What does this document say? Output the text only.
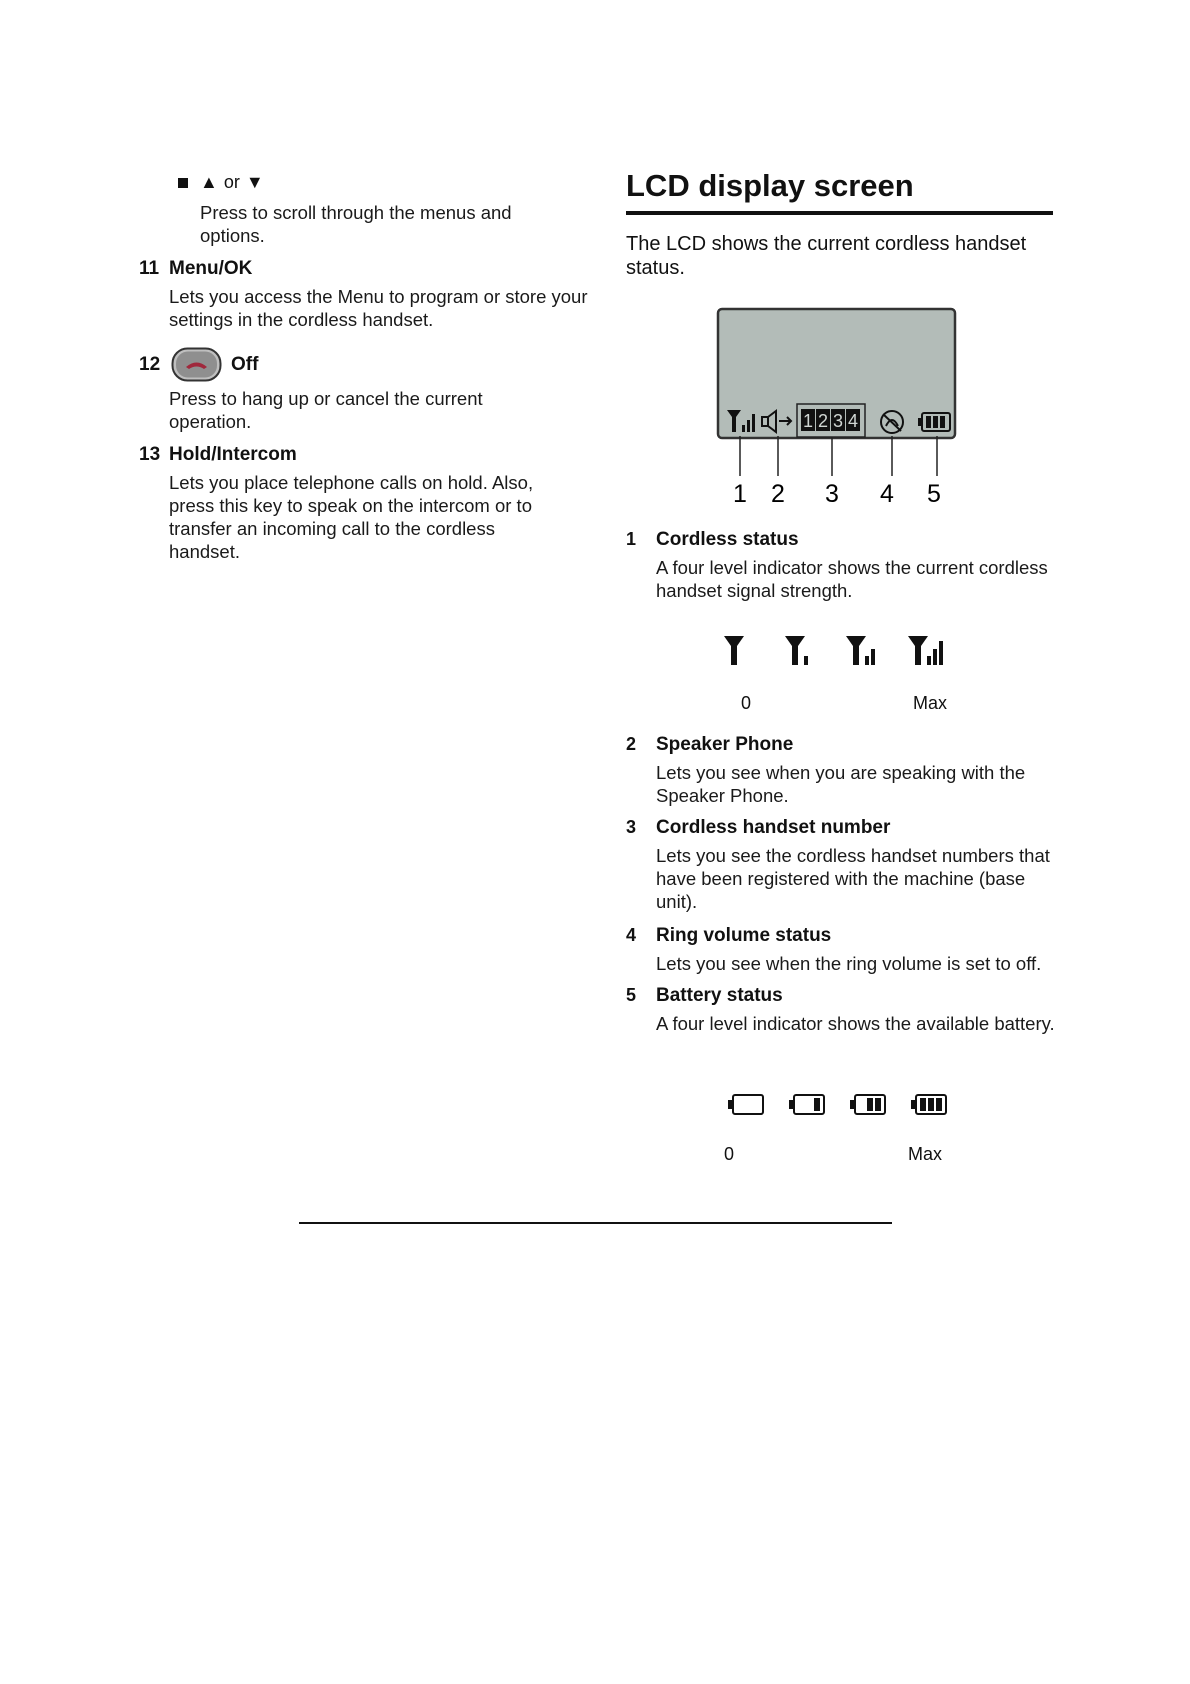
▲ or ▼
Press to scroll through the menus and options.
11 Menu/OK
Lets you access the Menu to program or store your settings in the cordless handset.
12	Off
Press to hang up or cancel the current operation.
13 Hold/Intercom
Lets you place telephone calls on hold. Also, press this key to speak on the intercom or to transfer an incoming call to the cordless handset.
LCD display screen
The LCD shows the current cordless handset status.
1 2 3 4
1 2 3 4 5
1 Cordless status
A four level indicator shows the current cordless handset signal strength.
0	Max
2 Speaker Phone
Lets you see when you are speaking with the Speaker Phone.
3 Cordless handset number
Lets you see the cordless handset numbers that have been registered with the machine (base unit).
4 Ring volume status
Lets you see when the ring volume is set to off.
5 Battery status
A four level indicator shows the available battery.
0	Max
